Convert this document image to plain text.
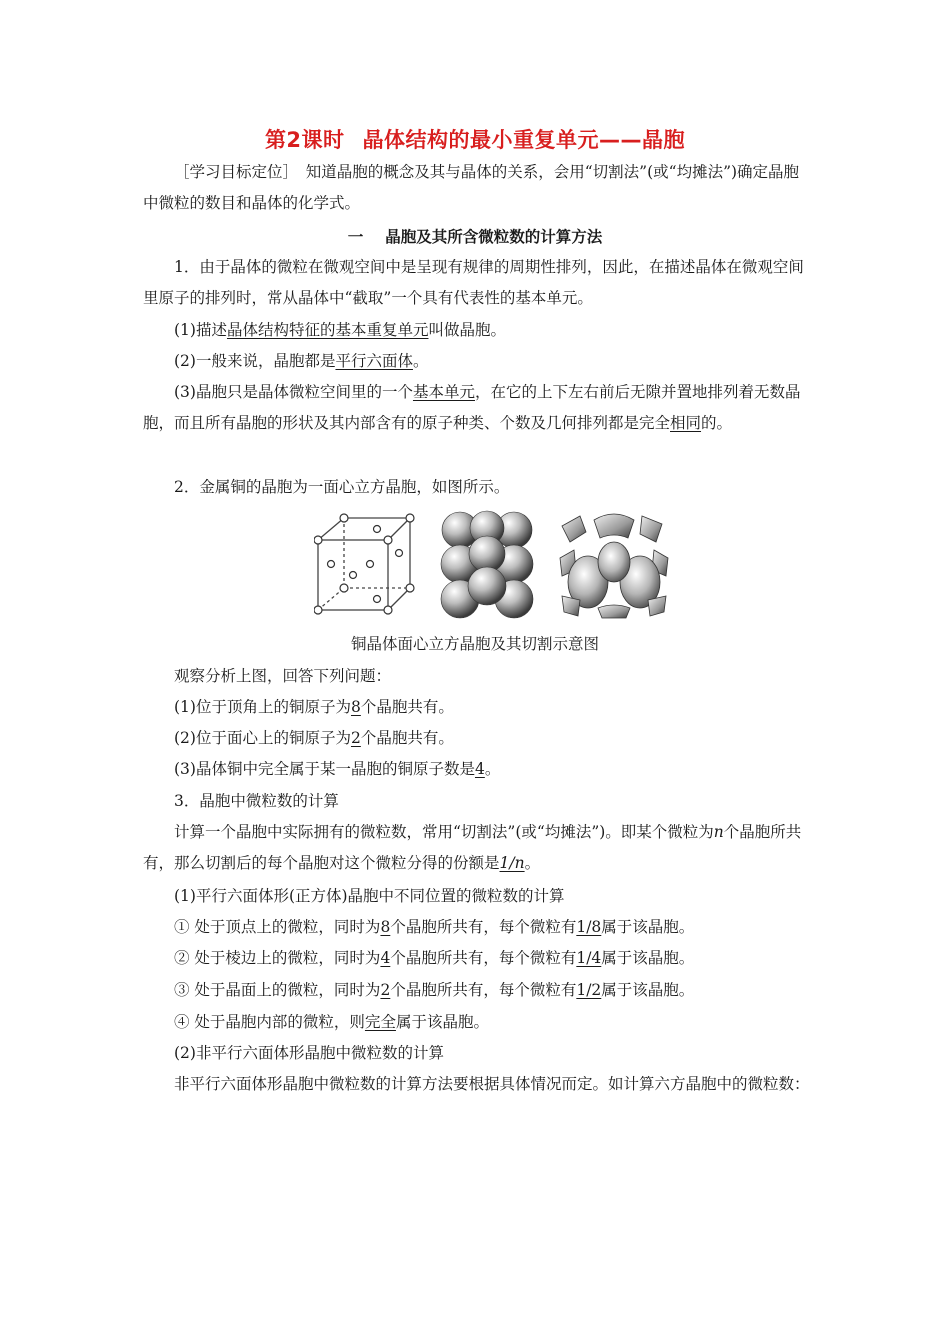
第2课时 晶体结构的最小重复单元——晶胞
［学习目标定位］　知道晶胞的概念及其与晶体的关系，会用“切割法”(或“均摊法”)确定晶胞中微粒的数目和晶体的化学式。
一 晶胞及其所含微粒数的计算方法
1．由于晶体的微粒在微观空间中是呈现有规律的周期性排列，因此，在描述晶体在微观空间里原子的排列时，常从晶体中“截取”一个具有代表性的基本单元。
(1)描述晶体结构特征的基本重复单元叫做晶胞。
(2)一般来说，晶胞都是平行六面体。
(3)晶胞只是晶体微粒空间里的一个基本单元，在它的上下左右前后无隙并置地排列着无数晶胞，而且所有晶胞的形状及其内部含有的原子种类、个数及几何排列都是完全相同的。
2．金属铜的晶胞为一面心立方晶胞，如图所示。
铜晶体面心立方晶胞及其切割示意图
观察分析上图，回答下列问题：
(1)位于顶角上的铜原子为8个晶胞共有。
(2)位于面心上的铜原子为2个晶胞共有。
(3)晶体铜中完全属于某一晶胞的铜原子数是4。
3．晶胞中微粒数的计算
计算一个晶胞中实际拥有的微粒数，常用“切割法”(或“均摊法”)。即某个微粒为n个晶胞所共有，那么切割后的每个晶胞对这个微粒分得的份额是1/n。
(1)平行六面体形(正方体)晶胞中不同位置的微粒数的计算
① 处于顶点上的微粒，同时为8个晶胞所共有，每个微粒有1/8属于该晶胞。
② 处于棱边上的微粒，同时为4个晶胞所共有，每个微粒有1/4属于该晶胞。
③ 处于晶面上的微粒，同时为2个晶胞所共有，每个微粒有1/2属于该晶胞。
④ 处于晶胞内部的微粒，则完全属于该晶胞。
(2)非平行六面体形晶胞中微粒数的计算
非平行六面体形晶胞中微粒数的计算方法要根据具体情况而定。如计算六方晶胞中的微粒数：
